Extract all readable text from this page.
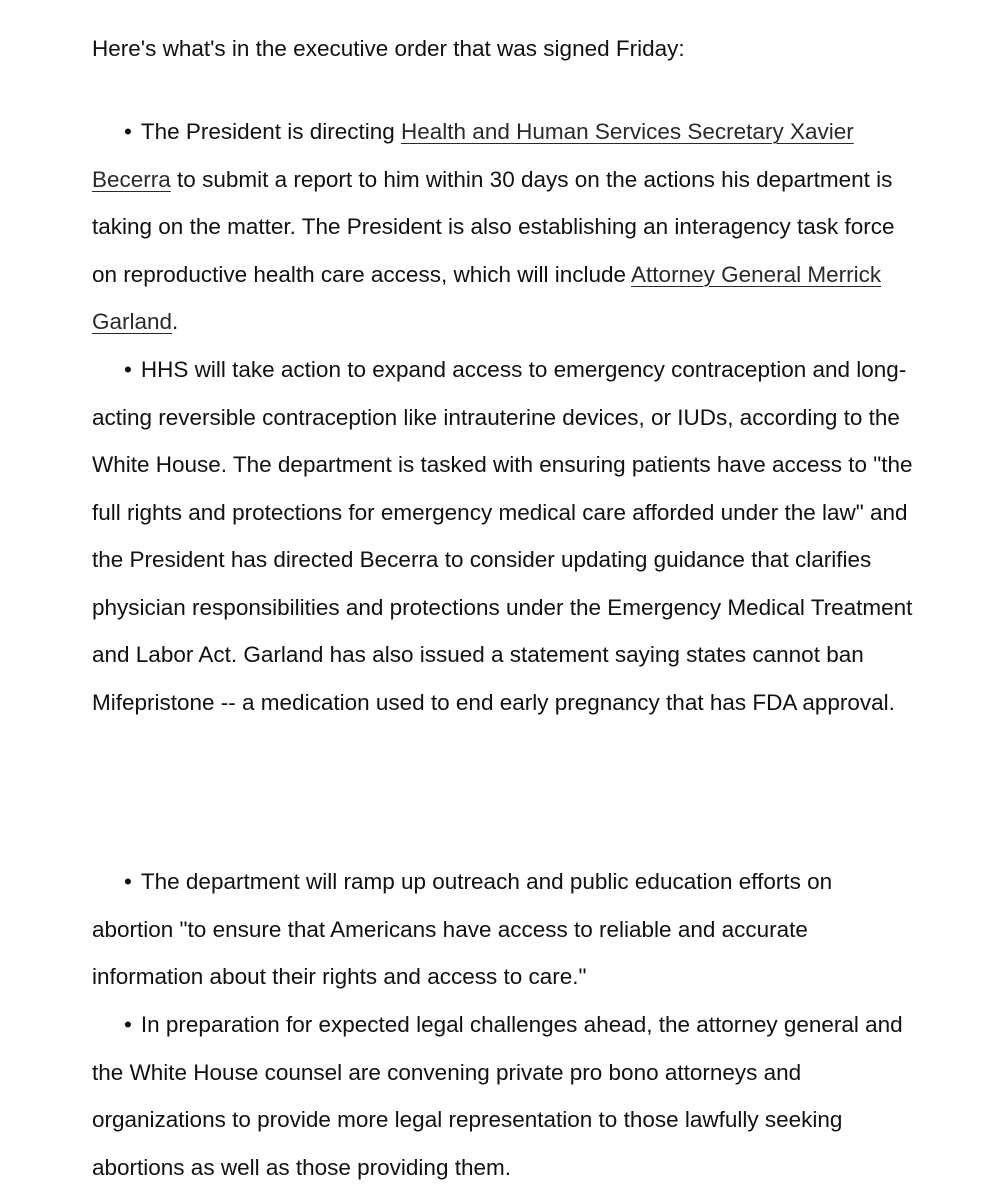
Here's what's in the executive order that was signed Friday:

• The President is directing Health and Human Services Secretary Xavier Becerra to submit a report to him within 30 days on the actions his department is taking on the matter. The President is also establishing an interagency task force on reproductive health care access, which will include Attorney General Merrick Garland.

• HHS will take action to expand access to emergency contraception and long-acting reversible contraception like intrauterine devices, or IUDs, according to the White House. The department is tasked with ensuring patients have access to "the full rights and protections for emergency medical care afforded under the law" and the President has directed Becerra to consider updating guidance that clarifies physician responsibilities and protections under the Emergency Medical Treatment and Labor Act. Garland has also issued a statement saying states cannot ban Mifepristone -- a medication used to end early pregnancy that has FDA approval.

• The department will ramp up outreach and public education efforts on abortion "to ensure that Americans have access to reliable and accurate information about their rights and access to care."

• In preparation for expected legal challenges ahead, the attorney general and the White House counsel are convening private pro bono attorneys and organizations to provide more legal representation to those lawfully seeking abortions as well as those providing them.
